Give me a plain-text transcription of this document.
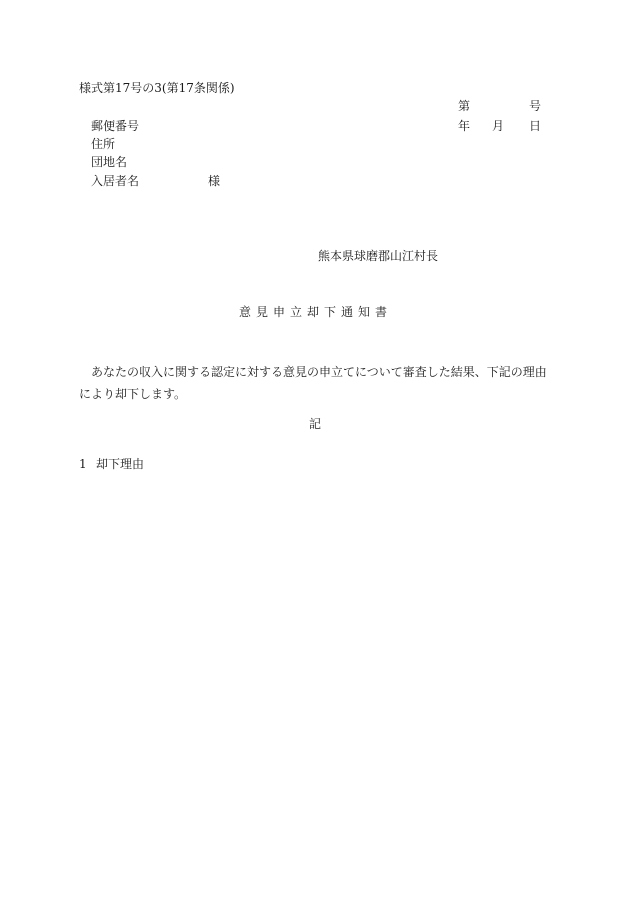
様式第17号の3(第17条関係)
第	号
郵便番号	年 月 日
住所
団地名
入居者名	様
熊本県球磨郡山江村長
意見申立却下通知書
あなたの収入に関する認定に対する意見の申立てについて審査した結果、下記の理由により却下します。
記
1 却下理由
